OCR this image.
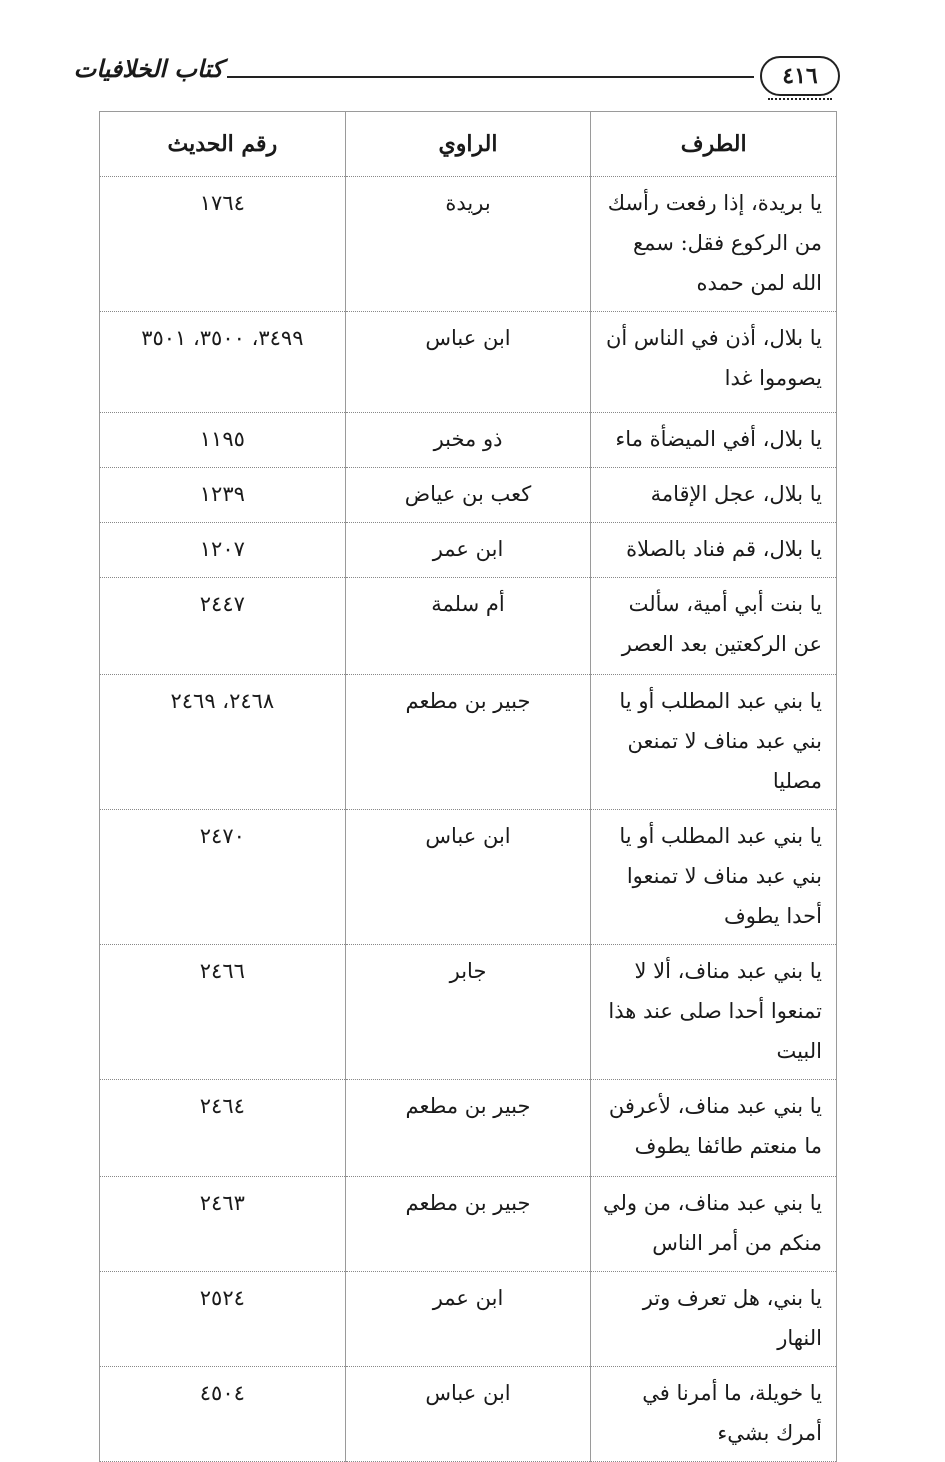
٤١٦
كتاب الخلافيات
الطرف	الراوي	رقم الحديث
يا بريدة، إذا رفعت رأسك من الركوع فقل: سمع الله لمن حمده	بريدة	١٧٦٤
يا بلال، أذن في الناس أن يصوموا غدا	ابن عباس	٣٤٩٩، ٣٥٠٠، ٣٥٠١
يا بلال، أفي الميضأة ماء	ذو مخبر	١١٩٥
يا بلال، عجل الإقامة	كعب بن عياض	١٢٣٩
يا بلال، قم فناد بالصلاة	ابن عمر	١٢٠٧
يا بنت أبي أمية، سألت عن الركعتين بعد العصر	أم سلمة	٢٤٤٧
يا بني عبد المطلب أو يا بني عبد مناف لا تمنعن مصليا	جبير بن مطعم	٢٤٦٨، ٢٤٦٩
يا بني عبد المطلب أو يا بني عبد مناف لا تمنعوا أحدا يطوف	ابن عباس	٢٤٧٠
يا بني عبد مناف، ألا لا تمنعوا أحدا صلى عند هذا البيت	جابر	٢٤٦٦
يا بني عبد مناف، لأعرفن ما منعتم طائفا يطوف	جبير بن مطعم	٢٤٦٤
يا بني عبد مناف، من ولي منكم من أمر الناس	جبير بن مطعم	٢٤٦٣
يا بني، هل تعرف وتر النهار	ابن عمر	٢٥٢٤
يا خويلة، ما أمرنا في أمرك بشيء	ابن عباس	٤٥٠٤
